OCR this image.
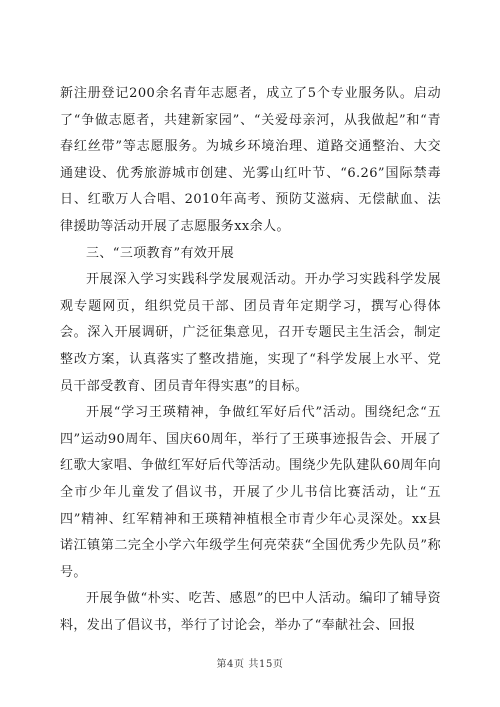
新注册登记200余名青年志愿者，成立了5个专业服务队。启动了“争做志愿者，共建新家园”、“关爱母亲河，从我做起”和“青春红丝带”等志愿服务。为城乡环境治理、道路交通整治、大交通建设、优秀旅游城市创建、光雾山红叶节、“6.26”国际禁毒日、红歌万人合唱、2010年高考、预防艾滋病、无偿献血、法律援助等活动开展了志愿服务xx余人。

三、“三项教育”有效开展

开展深入学习实践科学发展观活动。开办学习实践科学发展观专题网页，组织党员干部、团员青年定期学习，撰写心得体会。深入开展调研，广泛征集意见，召开专题民主生活会，制定整改方案，认真落实了整改措施，实现了“科学发展上水平、党员干部受教育、团员青年得实惠”的目标。

开展“学习王瑛精神，争做红军好后代”活动。围绕纪念“五四”运动90周年、国庆60周年，举行了王瑛事迹报告会、开展了红歌大家唱、争做红军好后代等活动。围绕少先队建队60周年向全市少年儿童发了倡议书，开展了少儿书信比赛活动，让“五四”精神、红军精神和王瑛精神植根全市青少年心灵深处。xx县诺江镇第二完全小学六年级学生何亮荣获“全国优秀少先队员”称号。

开展争做“朴实、吃苦、感恩”的巴中人活动。编印了辅导资料，发出了倡议书，举行了讨论会，举办了“奉献社会、回报

第4页 共15页
